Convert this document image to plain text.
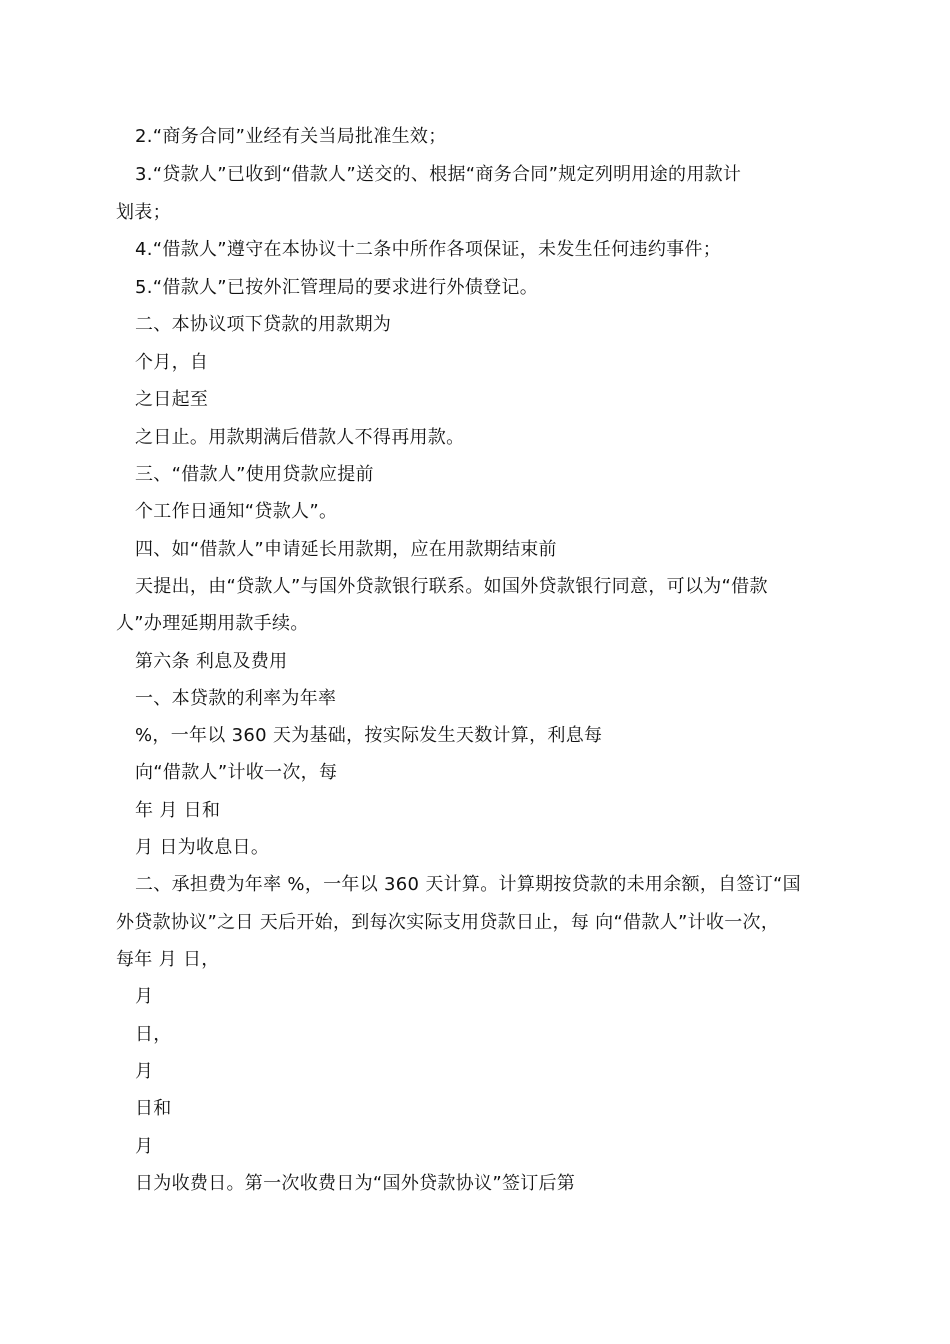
2.“商务合同”业经有关当局批准生效；
3.“贷款人”已收到“借款人”送交的、根据“商务合同”规定列明用途的用款计
划表；
4.“借款人”遵守在本协议十二条中所作各项保证，未发生任何违约事件；
5.“借款人”已按外汇管理局的要求进行外债登记。
二、本协议项下贷款的用款期为
个月，自
之日起至
之日止。用款期满后借款人不得再用款。
三、“借款人”使用贷款应提前
个工作日通知“贷款人”。
四、如“借款人”申请延长用款期，应在用款期结束前
天提出，由“贷款人”与国外贷款银行联系。如国外贷款银行同意，可以为“借款
人”办理延期用款手续。
第六条 利息及费用
一、本贷款的利率为年率
%，一年以 360 天为基础，按实际发生天数计算，利息每
向“借款人”计收一次，每
年 月 日和
月 日为收息日。
二、承担费为年率 %，一年以 360 天计算。计算期按贷款的未用余额，自签订“国
外贷款协议”之日 天后开始，到每次实际支用贷款日止，每 向“借款人”计收一次，
每年 月 日，
月
日，
月
日和
月
日为收费日。第一次收费日为“国外贷款协议”签订后第
